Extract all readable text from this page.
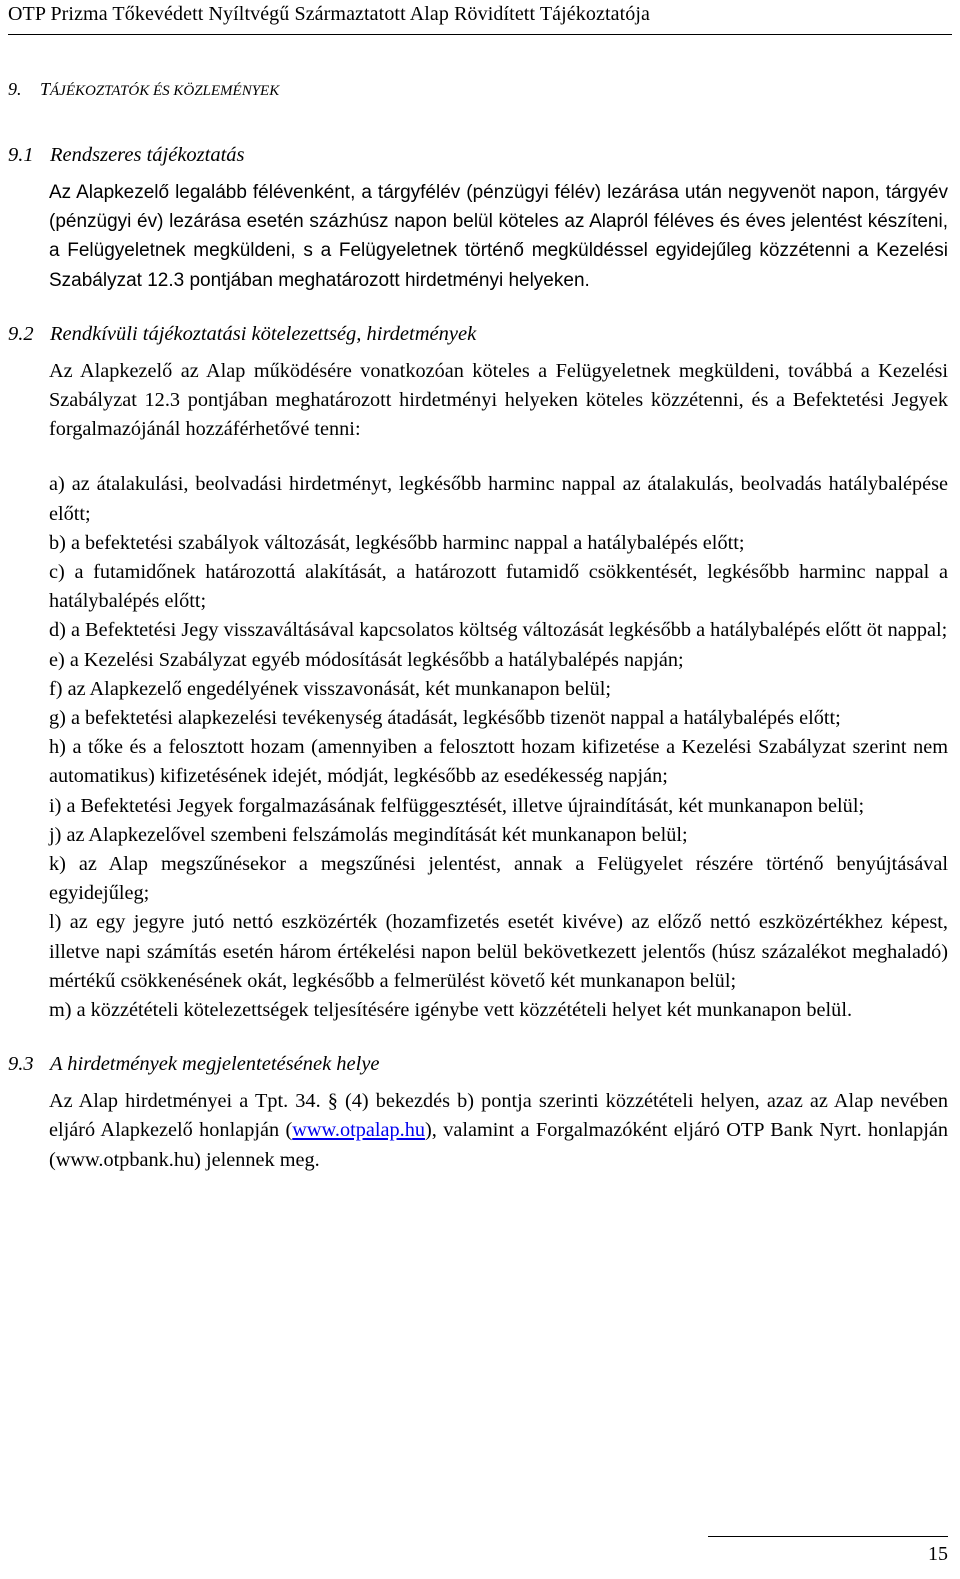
OTP Prizma Tőkevédett Nyíltvégű Származtatott Alap Rövidített Tájékoztatója
9. TÁJÉKOZTATÓK ÉS KÖZLEMÉNYEK
9.1 Rendszeres tájékoztatás
Az Alapkezelő legalább félévenként, a tárgyfélév (pénzügyi félév) lezárása után negyvenöt napon, tárgyév (pénzügyi év) lezárása esetén százhúsz napon belül köteles az Alapról féléves és éves jelentést készíteni, a Felügyeletnek megküldeni, s a Felügyeletnek történő megküldéssel egyidejűleg közzétenni a Kezelési Szabályzat 12.3 pontjában meghatározott hirdetményi helyeken.
9.2 Rendkívüli tájékoztatási kötelezettség, hirdetmények
Az Alapkezelő az Alap működésére vonatkozóan köteles a Felügyeletnek megküldeni, továbbá a Kezelési Szabályzat 12.3 pontjában meghatározott hirdetményi helyeken köteles közzétenni, és a Befektetési Jegyek forgalmazójánál hozzáférhetővé tenni:
a) az átalakulási, beolvadási hirdetményt, legkésőbb harminc nappal az átalakulás, beolvadás hatálybalépése előtt;
b) a befektetési szabályok változását, legkésőbb harminc nappal a hatálybalépés előtt;
c) a futamidőnek határozottá alakítását, a határozott futamidő csökkentését, legkésőbb harminc nappal a hatálybalépés előtt;
d) a Befektetési Jegy visszaváltásával kapcsolatos költség változását legkésőbb a hatálybalépés előtt öt nappal;
e) a Kezelési Szabályzat egyéb módosítását legkésőbb a hatálybalépés napján;
f) az Alapkezelő engedélyének visszavonását, két munkanapon belül;
g) a befektetési alapkezelési tevékenység átadását, legkésőbb tizenöt nappal a hatálybalépés előtt;
h) a tőke és a felosztott hozam (amennyiben a felosztott hozam kifizetése a Kezelési Szabályzat szerint nem automatikus) kifizetésének idejét, módját, legkésőbb az esedékesség napján;
i) a Befektetési Jegyek forgalmazásának felfüggesztését, illetve újraindítását, két munkanapon belül;
j) az Alapkezelővel szembeni felszámolás megindítását két munkanapon belül;
k) az Alap megszűnésekor a megszűnési jelentést, annak a Felügyelet részére történő benyújtásával egyidejűleg;
l) az egy jegyre jutó nettó eszközérték (hozamfizetés esetét kivéve) az előző nettó eszközértékhez képest, illetve napi számítás esetén három értékelési napon belül bekövetkezett jelentős (húsz százalékot meghaladó) mértékű csökkenésének okát, legkésőbb a felmerülést követő két munkanapon belül;
m) a közzétételi kötelezettségek teljesítésére igénybe vett közzétételi helyet két munkanapon belül.
9.3 A hirdetmények megjelentetésének helye
Az Alap hirdetményei a Tpt. 34. § (4) bekezdés b) pontja szerinti közzétételi helyen, azaz az Alap nevében eljáró Alapkezelő honlapján (www.otpalap.hu), valamint a Forgalmazóként eljáró OTP Bank Nyrt. honlapján (www.otpbank.hu) jelennek meg.
15
